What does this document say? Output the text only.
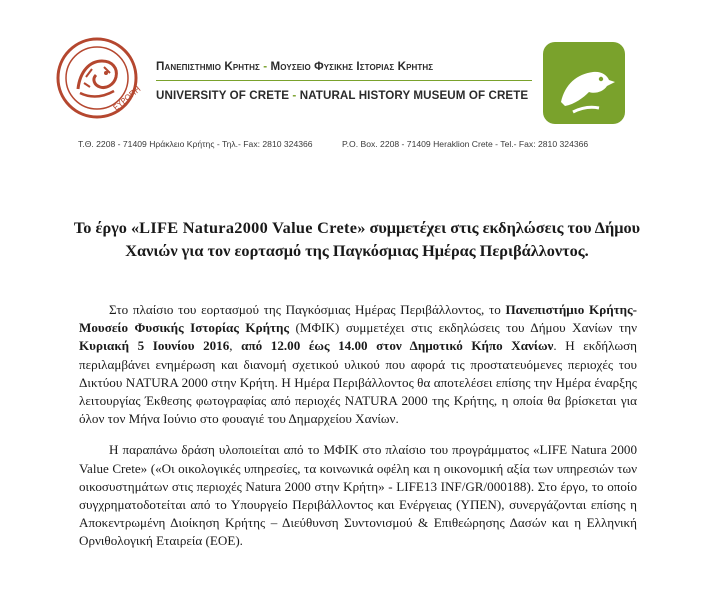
ΕΥΡΩΠΗ
Πανεπιστημιο Κρητησ - Μουσειο Φυσικησ Ιστοριασ Κρητησ
UNIVERSITY OF CRETE - NATURAL HISTORY MUSEUM OF CRETE
Τ.Θ. 2208 - 71409 Ηράκλειο Κρήτης - Τηλ.- Fax: 2810 324366	P.O. Box. 2208 - 71409 Heraklion Crete - Tel.- Fax: 2810 324366
Το έργο «LIFE Natura2000 Value Crete» συμμετέχει στις εκδηλώσεις του Δήμου Χανιών για τον εορτασμό της Παγκόσμιας Ημέρας Περιβάλλοντος.

Στο πλαίσιο του εορτασμού της Παγκόσμιας Ημέρας Περιβάλλοντος, το Πανεπιστήμιο Κρήτης-Μουσείο Φυσικής Ιστορίας Κρήτης (ΜΦΙΚ) συμμετέχει στις εκδηλώσεις του Δήμου Χανίων την Κυριακή 5 Ιουνίου 2016, από 12.00 έως 14.00 στον Δημοτικό Κήπο Χανίων. Η εκδήλωση περιλαμβάνει ενημέρωση και διανομή σχετικού υλικού που αφορά τις προστατευόμενες περιοχές του Δικτύου NATURA 2000 στην Κρήτη. Η Ημέρα Περιβάλλοντος θα αποτελέσει επίσης την Ημέρα έναρξης λειτουργίας Έκθεσης φωτογραφίας από περιοχές NATURA 2000 της Κρήτης, η οποία θα βρίσκεται για όλον τον Μήνα Ιούνιο στο φουαγιέ του Δημαρχείου Χανίων.

Η παραπάνω δράση υλοποιείται από το ΜΦΙΚ στο πλαίσιο του προγράμματος «LIFE Natura 2000 Value Crete» («Οι οικολογικές υπηρεσίες, τα κοινωνικά οφέλη και η οικονομική αξία των υπηρεσιών των οικοσυστημάτων στις περιοχές Natura 2000 στην Κρήτη» - LIFE13 INF/GR/000188). Στο έργο, το οποίο συγχρηματοδοτείται από το Υπουργείο Περιβάλλοντος και Ενέργειας (ΥΠΕΝ), συνεργάζονται επίσης η Αποκεντρωμένη Διοίκηση Κρήτης – Διεύθυνση Συντονισμού & Επιθεώρησης Δασών και η Ελληνική Ορνιθολογική Εταιρεία (ΕΟΕ).
